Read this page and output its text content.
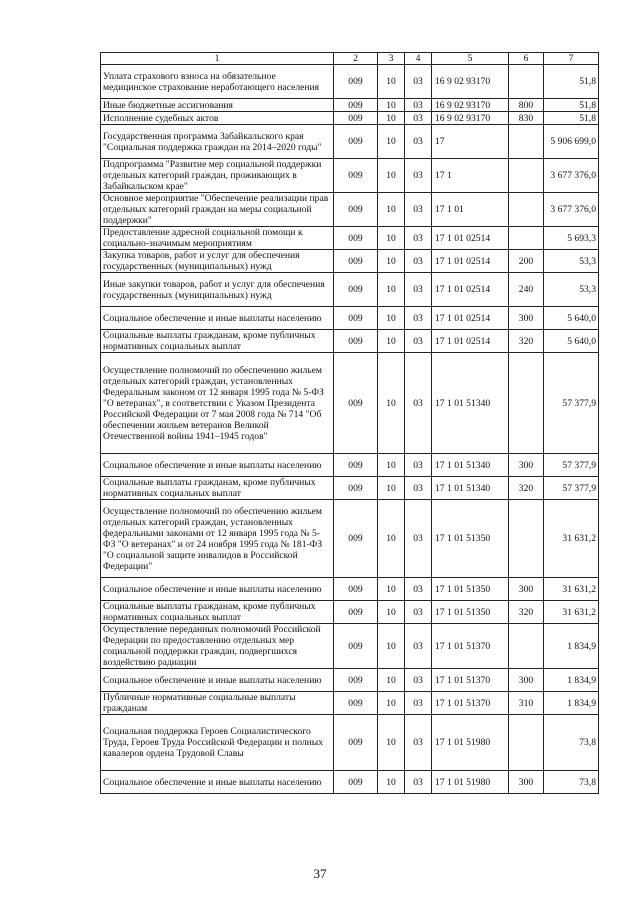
1	2	3	4	5	6	7
Уплата страхового взноса на обязательное медицинское страхование неработающего населения	009	10	03	16 9 02 93170		51,8
Иные бюджетные ассигнования	009	10	03	16 9 02 93170	800	51,8
Исполнение судебных актов	009	10	03	16 9 02 93170	830	51,8
Государственная программа Забайкальского края "Социальная поддержка граждан на 2014–2020 годы"	009	10	03	17		5 906 699,0
Подпрограмма "Развитие мер социальной поддержки отдельных категорий граждан, проживающих в Забайкальском крае"	009	10	03	17 1		3 677 376,0
Основное мероприятие "Обеспечение реализации прав отдельных категорий граждан на меры социальной поддержки"	009	10	03	17 1 01		3 677 376,0
Предоставление адресной социальной помощи к социально-значимым мероприятиям	009	10	03	17 1 01 02514		5 693,3
Закупка товаров, работ и услуг для обеспечения государственных (муниципальных) нужд	009	10	03	17 1 01 02514	200	53,3
Иные закупки товаров, работ и услуг для обеспечения государственных (муниципальных) нужд	009	10	03	17 1 01 02514	240	53,3
Социальное обеспечение и иные выплаты населению	009	10	03	17 1 01 02514	300	5 640,0
Социальные выплаты гражданам, кроме публичных нормативных социальных выплат	009	10	03	17 1 01 02514	320	5 640,0
Осуществление полномочий по обеспечению жильем отдельных категорий граждан, установленных Федеральным законом от 12 января 1995 года № 5-ФЗ "О ветеранах", в соответствии с Указом Президента Российской Федерации от 7 мая 2008 года № 714 "Об обеспечении жильем ветеранов Великой Отечественной войны 1941–1945 годов"	009	10	03	17 1 01 51340		57 377,9
Социальное обеспечение и иные выплаты населению	009	10	03	17 1 01 51340	300	57 377,9
Социальные выплаты гражданам, кроме публичных нормативных социальных выплат	009	10	03	17 1 01 51340	320	57 377,9
Осуществление полномочий по обеспечению жильем отдельных категорий граждан, установленных федеральными законами от 12 января 1995 года № 5-ФЗ "О ветеранах" и от 24 ноября 1995 года № 181-ФЗ "О социальной защите инвалидов в Российской Федерации"	009	10	03	17 1 01 51350		31 631,2
Социальное обеспечение и иные выплаты населению	009	10	03	17 1 01 51350	300	31 631,2
Социальные выплаты гражданам, кроме публичных нормативных социальных выплат	009	10	03	17 1 01 51350	320	31 631,2
Осуществление переданных полномочий Российской Федерации по предоставлению отдельных мер социальной поддержки граждан, подвергшихся воздействию радиации	009	10	03	17 1 01 51370		1 834,9
Социальное обеспечение и иные выплаты населению	009	10	03	17 1 01 51370	300	1 834,9
Публичные нормативные социальные выплаты гражданам	009	10	03	17 1 01 51370	310	1 834,9
Социальная поддержка Героев Социалистического Труда, Героев Труда Российской Федерации и полных кавалеров ордена Трудовой Славы	009	10	03	17 1 01 51980		73,8
Социальное обеспечение и иные выплаты населению	009	10	03	17 1 01 51980	300	73,8
37
